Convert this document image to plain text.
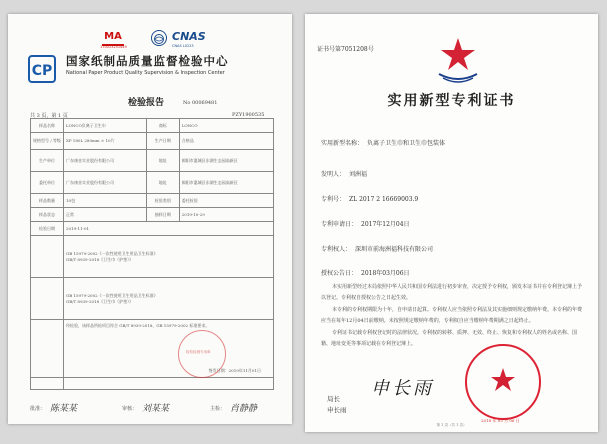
MA
170013251449
CNAS
CNAS L0223
CP
国家纸制品质量监督检验中心
National Paper Product Quality Supervision & Inspection Center
检验报告	No 00069481
共 3 页，第 1 页	PZY1900535
样品名称	LONCO负离子卫生巾	商标	LONCO
规格型号 / 等级	XP 180L 280mm × 10片	生产日期	合格品
生产单位	广东康音实业股份有限公司	地址	揭阳市惠城区东湖生态园高新区
委托单位	广东康音实业股份有限公司	地址	揭阳市惠城区东湖生态园高新区
样品数量	10包	检验类别	委托检验
样品状态	正常	抽样日期	2019-10-29
检验日期	2019-11-01		

	GB 15979-2002《一次性使用卫生用品卫生标准》
GB/T 8939-2018《卫生巾（护垫）》		

	GB 15979-2002《一次性使用卫生用品卫生标准》
GB/T 8939-2018《卫生巾（护垫）》		

	经检验，该样品所检项目符合 GB/T 8939-2018、GB 15979-2002 标准要求。
签发日期：2019年11月01日		

检验检测专用章
批准： 陈某某	审核： 刘某某	主检： 肖静静
证书号第7051208号
实用新型专利证书
实用新型名称： 负离子卫生巾和卫生巾包装体
发明人： 刘洲福
专利号： ZL 2017 2 16669003.9
专利申请日： 2017年12月04日
专利权人： 深圳市前海洲福科技有限公司
授权公告日： 2018年03月06日
本实用新型经过本局依照中华人民共和国专利法进行初步审查，决定授予专利权，颁发本证书并在专利登记簿上予以登记。专利权自授权公告之日起生效。
本专利的专利权期限为十年，自申请日起算。专利权人应当依照专利法及其实施细则规定缴纳年费。本专利的年费应当在每年12月04日前缴纳。未按照规定缴纳年费的，专利权自应当缴纳年费期满之日起终止。
专利证书记载专利权登记时的法律状况。专利权的转移、质押、无效、终止、恢复和专利权人的姓名或名称、国籍、地址变更等事项记载在专利登记簿上。
申长雨
局长
申长雨
2018 年 03 月 06 日
第 1 页（共 1 页）
